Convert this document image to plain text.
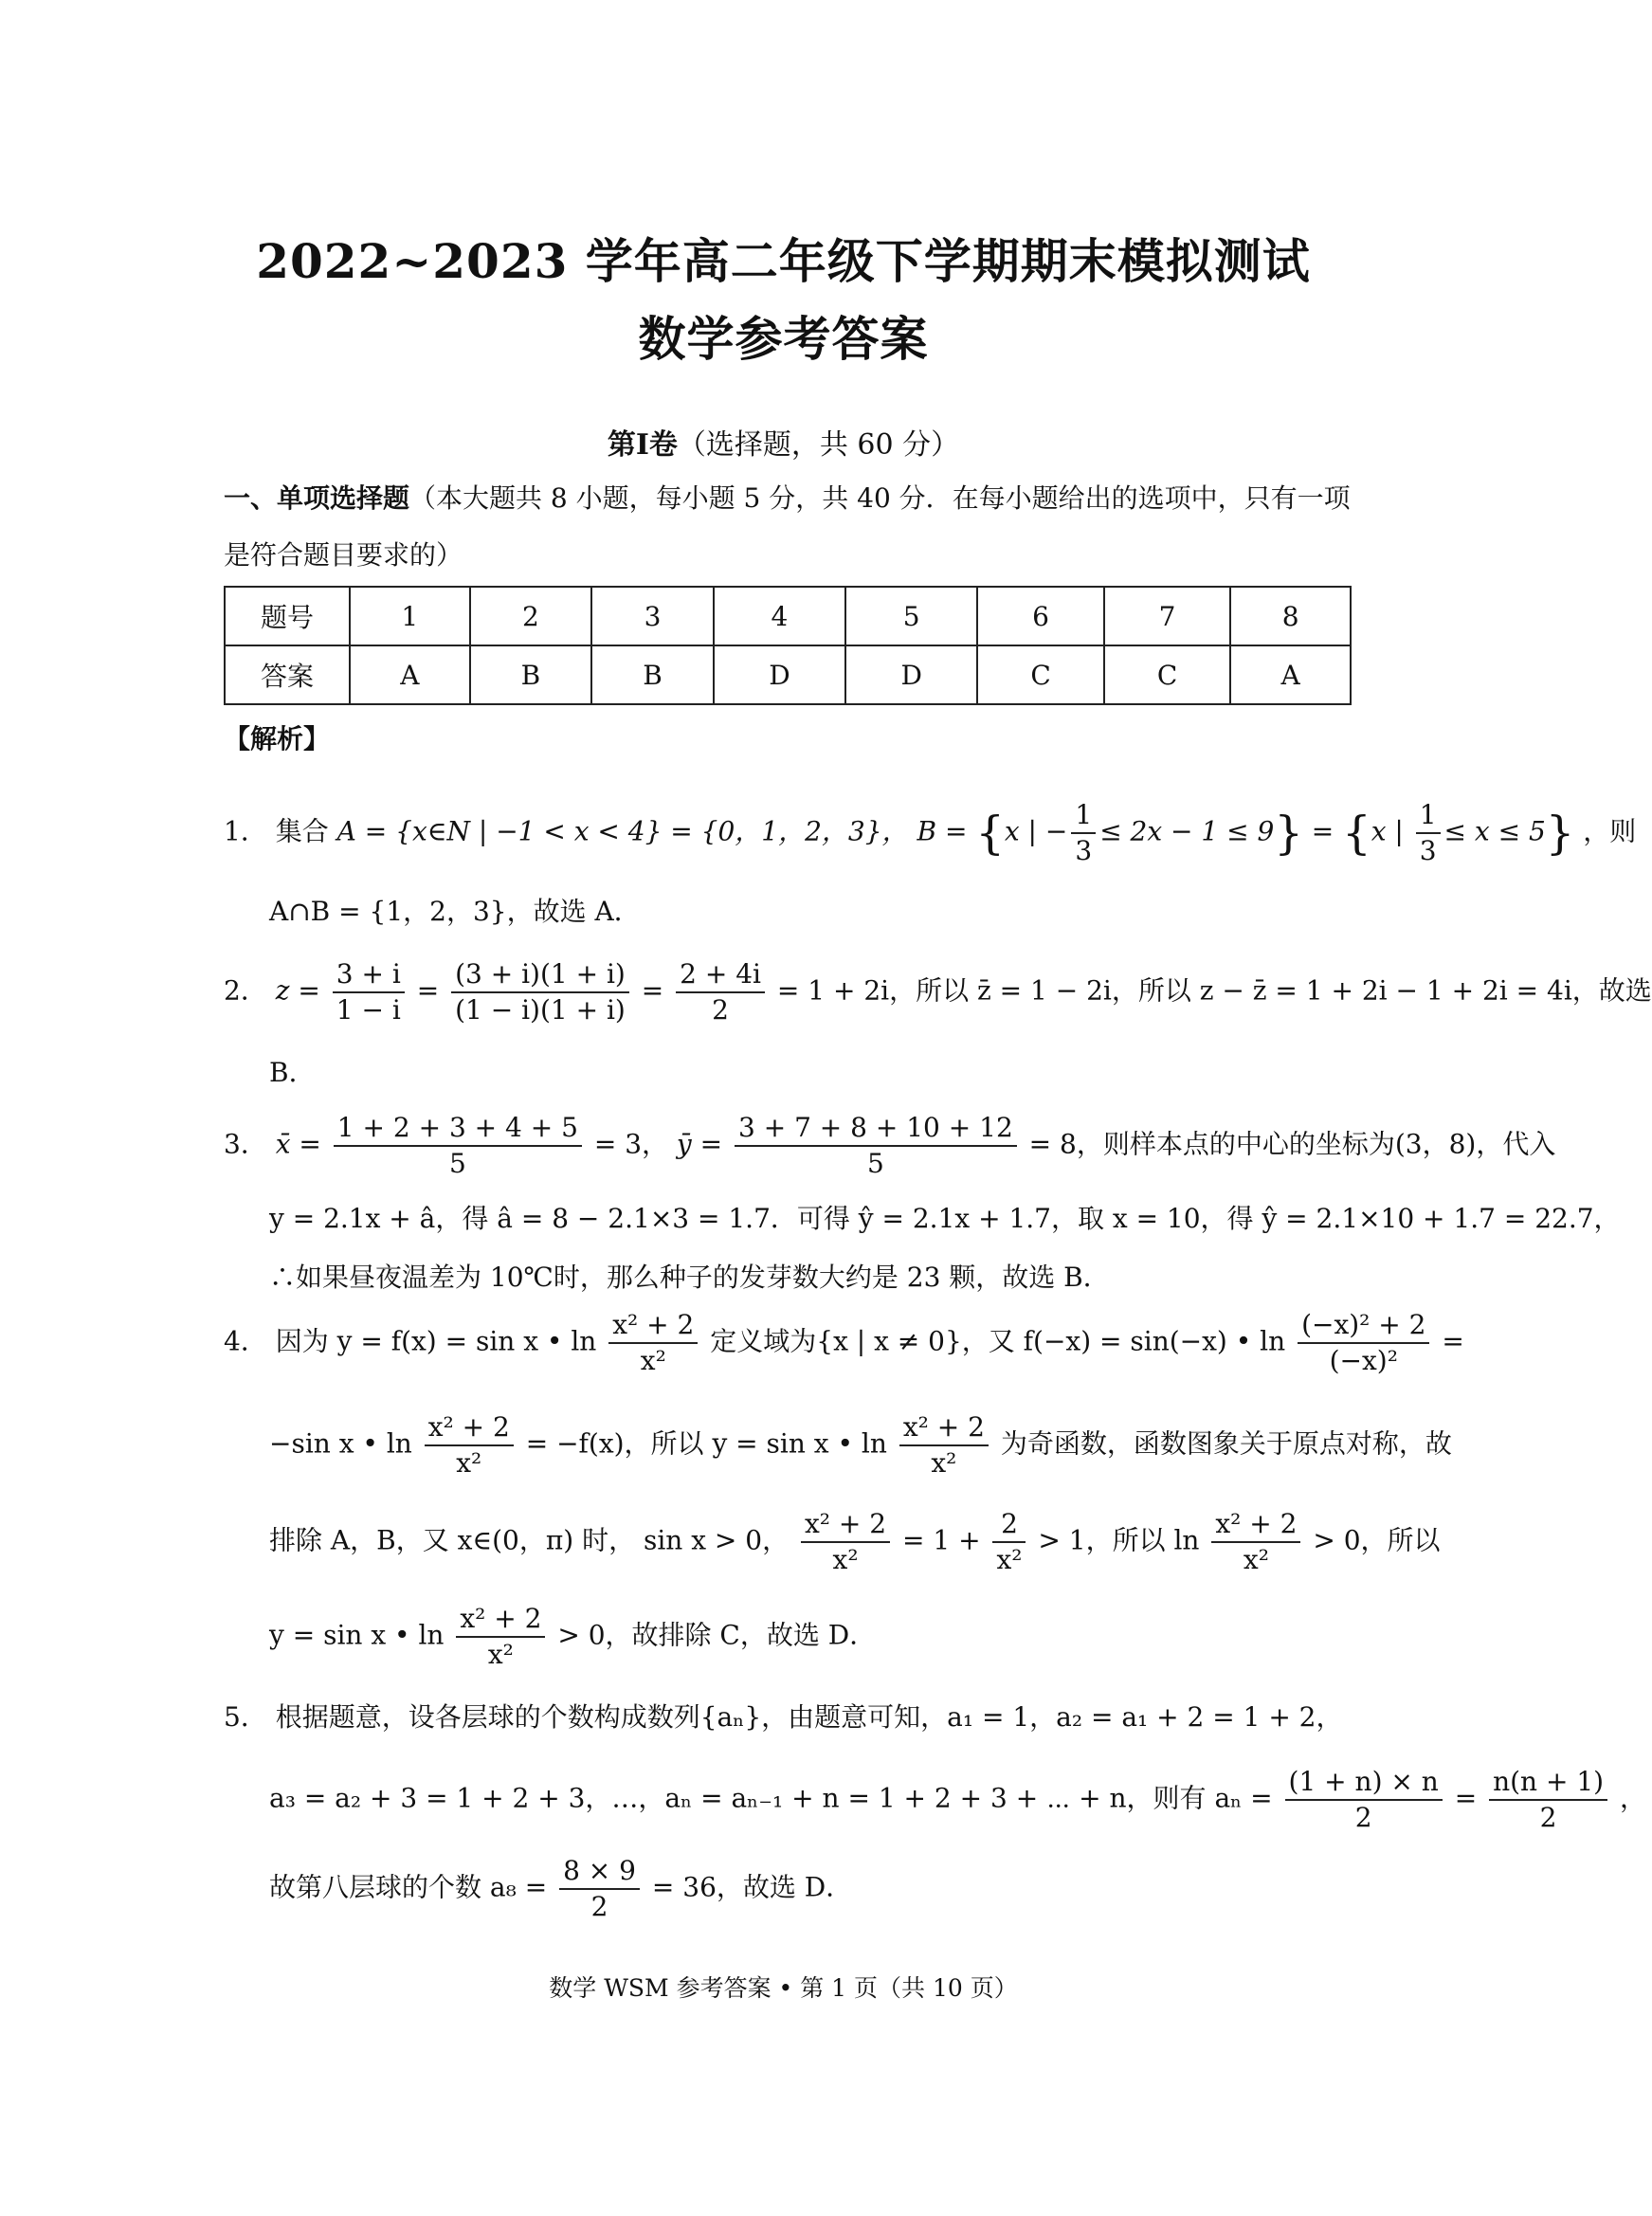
2022~2023 学年高二年级下学期期末模拟测试
数学参考答案
第Ⅰ卷（选择题，共 60 分）
一、单项选择题（本大题共 8 小题，每小题 5 分，共 40 分．在每小题给出的选项中，只有一项是符合题目要求的）
题号	1	2	3	4	5	6	7	8
答案	A	B	B	D	D	C	C	A
【解析】
1． 集合 A = {x∈N | −1 < x < 4} = {0，1，2，3}， B = {x | − $\frac{1}{3} \le 2x - 1 \le 9\} = \{x$ | $\frac{1}{3} \le x \le 5$} ，则
A∩B = {1，2，3}，故选 A．
2． $z = \frac{3 + i}{1 - i} = \frac{(3 + i)(1 + i)}{(1 - i)(1 + i)} = \frac{2 + 4i}{2} = 1 + 2i$，所以 z̄ = 1 − 2i，所以 z − z̄ = 1 + 2i − 1 + 2i = 4i，故选
B．
3． x̄ = $\frac{1 + 2 + 3 + 4 + 5}{5} = 3$， ȳ = $\frac{3 + 7 + 8 + 10 + 12}{5} = 8$，则样本点的中心的坐标为(3，8)，代入
y = 2.1x + â，得 â = 8 − 2.1×3 = 1.7．可得 ŷ = 2.1x + 1.7，取 x = 10，得 ŷ = 2.1×10 + 1.7 = 22.7，
∴如果昼夜温差为 10℃时，那么种子的发芽数大约是 23 颗，故选 B．
4． 因为 y = f(x) = sin x • $\ln \frac{\text{x² + 2}}{\text{x²}}$ 定义域为{x | x ≠ 0}，又 f(−x) = sin(−x) • $\ln \frac{\text{(−x)² + 2}}{\text{(−x)²}}$ =
−sin x • $\ln \frac{\text{x² + 2}}{\text{x²}} = -f(x)$，所以 y = sin x • $\ln \frac{\text{x² + 2}}{\text{x²}}$ 为奇函数，函数图象关于原点对称，故
排除 A，B，又 x∈(0，π) 时， sin x > 0， $\frac{\text{x² + 2}}{\text{x²}} = 1 + \frac{2}{\text{x²}} > 1$，所以 $\ln \frac{\text{x² + 2}}{\text{x²}} > 0$，所以
y = sin x • $\ln \frac{\text{x² + 2}}{\text{x²}} > 0$，故排除 C，故选 D．
5． 根据题意，设各层球的个数构成数列{aₙ}，由题意可知，a₁ = 1，a₂ = a₁ + 2 = 1 + 2，
a₃ = a₂ + 3 = 1 + 2 + 3，…，aₙ = aₙ₋₁ + n = 1 + 2 + 3 + ⋯ + n，则有 $a_n = \frac{(1 + n) \times n}{2} = \frac{n(n + 1)}{2}$ ，
故第八层球的个数 $a_8 = \frac{8 \times 9}{2} = 36$，故选 D．
数学 WSM 参考答案 • 第 1 页（共 10 页）
